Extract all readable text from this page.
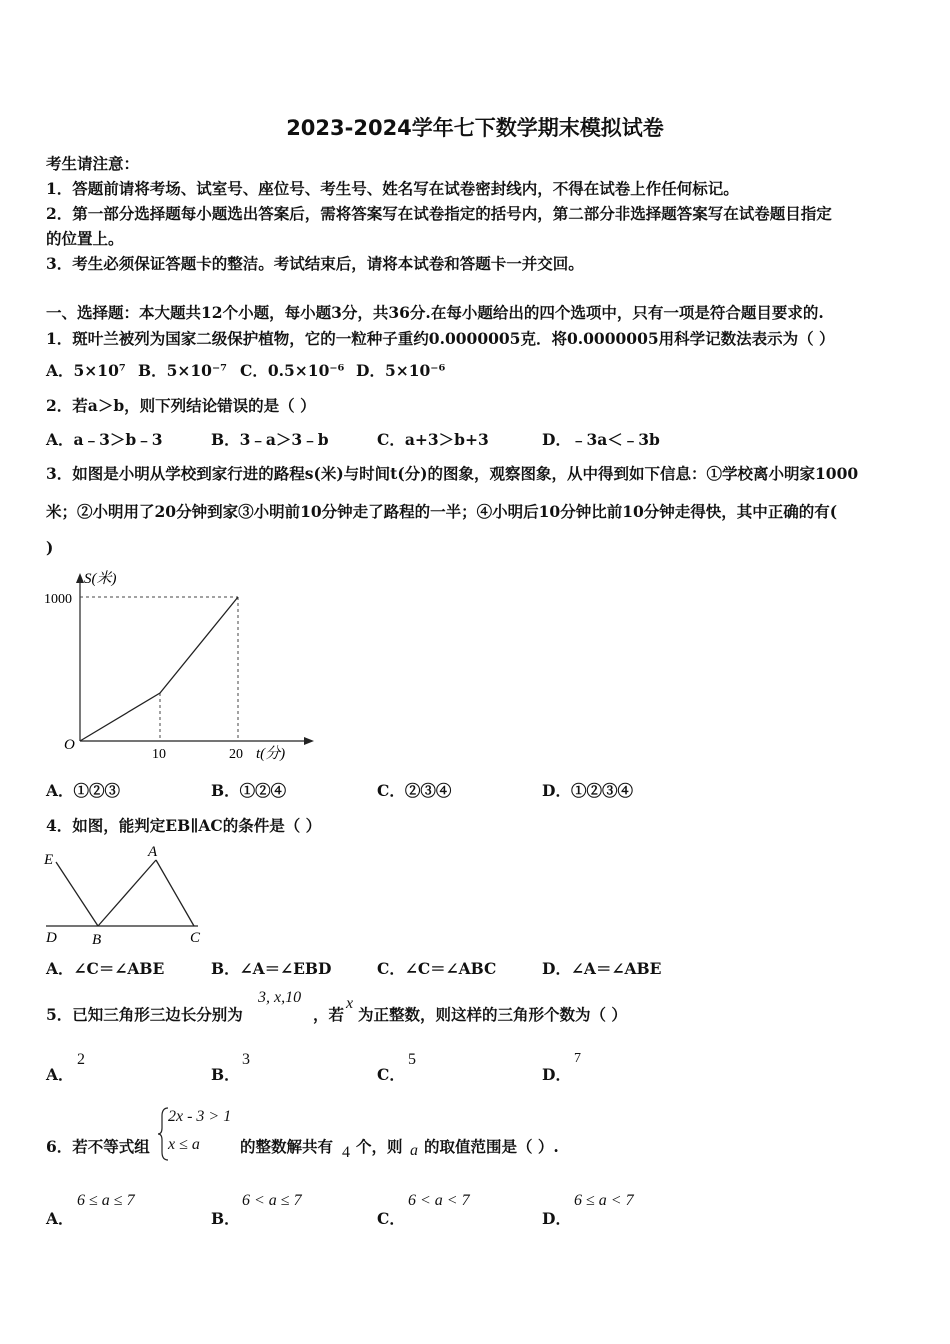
2023-2024学年七下数学期末模拟试卷
考生请注意：
1．答题前请将考场、试室号、座位号、考生号、姓名写在试卷密封线内，不得在试卷上作任何标记。
2．第一部分选择题每小题选出答案后，需将答案写在试卷指定的括号内，第二部分非选择题答案写在试卷题目指定
的位置上。
3．考生必须保证答题卡的整洁。考试结束后，请将本试卷和答题卡一并交回。
一、选择题：本大题共12个小题，每小题3分，共36分.在每小题给出的四个选项中，只有一项是符合题目要求的.
1．斑叶兰被列为国家二级保护植物，它的一粒种子重约0.0000005克．将0.0000005用科学记数法表示为（ ）
A．5×10⁷ B．5×10⁻⁷ C．0.5×10⁻⁶ D．5×10⁻⁶
2．若a＞b，则下列结论错误的是（ ）
A．a﹣3＞b﹣3	B．3﹣a＞3﹣b	C．a+3＞b+3	D．﹣3a＜﹣3b
3．如图是小明从学校到家行进的路程s(米)与时间t(分)的图象，观察图象，从中得到如下信息：①学校离小明家1000
米；②小明用了20分钟到家③小明前10分钟走了路程的一半；④小明后10分钟比前10分钟走得快，其中正确的有(
)
S(米)
1000
O
10	20 t(分)
A．①②③	B．①②④	C．②③④	D．①②③④
4．如图，能判定EB∥AC的条件是（ ）
E	A
D B	C
A．∠C＝∠ABE	B．∠A＝∠EBD	C．∠C＝∠ABC	D．∠A＝∠ABE
5．已知三角形三边长分别为
3, x,10
，若
x
为正整数，则这样的三角形个数为（ ）
A．
2
B．
3
C．
5
D．
7
6．若不等式组
2x - 3 > 1
x ≤ a	的整数解共有 4 个，则 a 的取值范围是（ ）.
A．
6 ≤ a ≤ 7
B．
6 < a ≤ 7
C．
6 < a < 7
D．
6 ≤ a < 7
